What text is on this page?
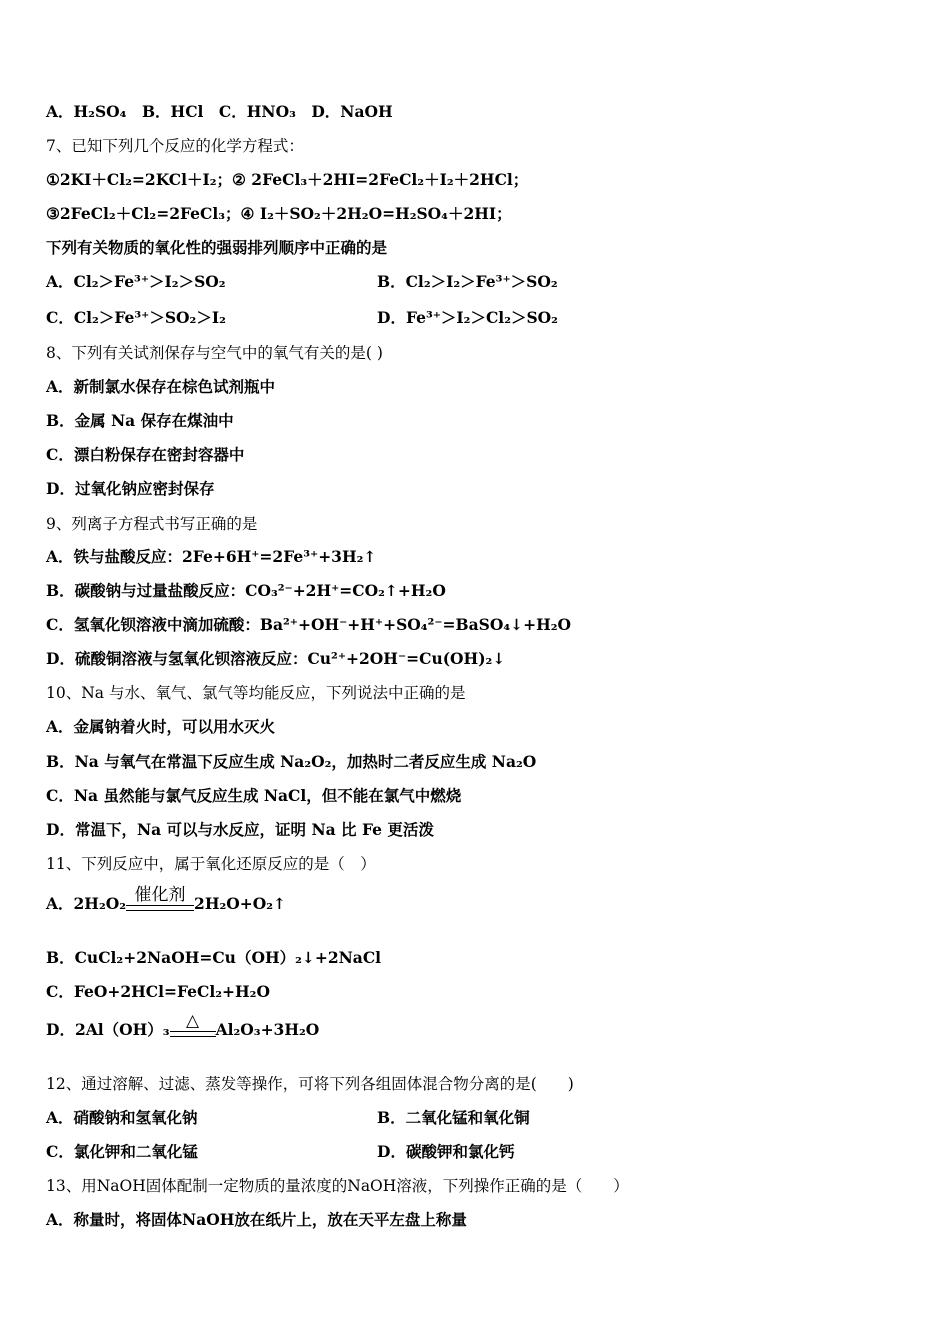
A．H₂SO₄　B．HCl　C．HNO₃　D．NaOH
7、已知下列几个反应的化学方程式：
①2KI＋Cl₂=2KCl＋I₂；② 2FeCl₃＋2HI=2FeCl₂＋I₂＋2HCl；
③2FeCl₂＋Cl₂=2FeCl₃；④ I₂＋SO₂＋2H₂O=H₂SO₄＋2HI；
下列有关物质的氧化性的强弱排列顺序中正确的是
A．Cl₂＞Fe³⁺＞I₂＞SO₂	B．Cl₂＞I₂＞Fe³⁺＞SO₂
C．Cl₂＞Fe³⁺＞SO₂＞I₂	D．Fe³⁺＞I₂＞Cl₂＞SO₂
8、下列有关试剂保存与空气中的氧气有关的是( )
A．新制氯水保存在棕色试剂瓶中
B．金属 Na 保存在煤油中
C．漂白粉保存在密封容器中
D．过氧化钠应密封保存
9、列离子方程式书写正确的是
A．铁与盐酸反应：2Fe+6H⁺=2Fe³⁺+3H₂↑
B．碳酸钠与过量盐酸反应：CO₃²⁻+2H⁺=CO₂↑+H₂O
C．氢氧化钡溶液中滴加硫酸：Ba²⁺+OH⁻+H⁺+SO₄²⁻=BaSO₄↓+H₂O
D．硫酸铜溶液与氢氧化钡溶液反应：Cu²⁺+2OH⁻=Cu(OH)₂↓
10、Na 与水、氧气、氯气等均能反应，下列说法中正确的是
A．金属钠着火时，可以用水灭火
B．Na 与氧气在常温下反应生成 Na₂O₂，加热时二者反应生成 Na₂O
C．Na 虽然能与氯气反应生成 NaCl，但不能在氯气中燃烧
D．常温下，Na 可以与水反应，证明 Na 比 Fe 更活泼
11、下列反应中，属于氧化还原反应的是（　）
A．2H₂O₂ 催化剂 2H₂O+O₂↑
B．CuCl₂+2NaOH=Cu（OH）₂↓+2NaCl
C．FeO+2HCl=FeCl₂+H₂O
D．2Al（OH）₃ △	Al₂O₃+3H₂O
12、通过溶解、过滤、蒸发等操作，可将下列各组固体混合物分离的是(　　)
A．硝酸钠和氢氧化钠	B．二氧化锰和氧化铜
C．氯化钾和二氧化锰	D．碳酸钾和氯化钙
13、用NaOH固体配制一定物质的量浓度的NaOH溶液，下列操作正确的是（　　）
A．称量时，将固体NaOH放在纸片上，放在天平左盘上称量
